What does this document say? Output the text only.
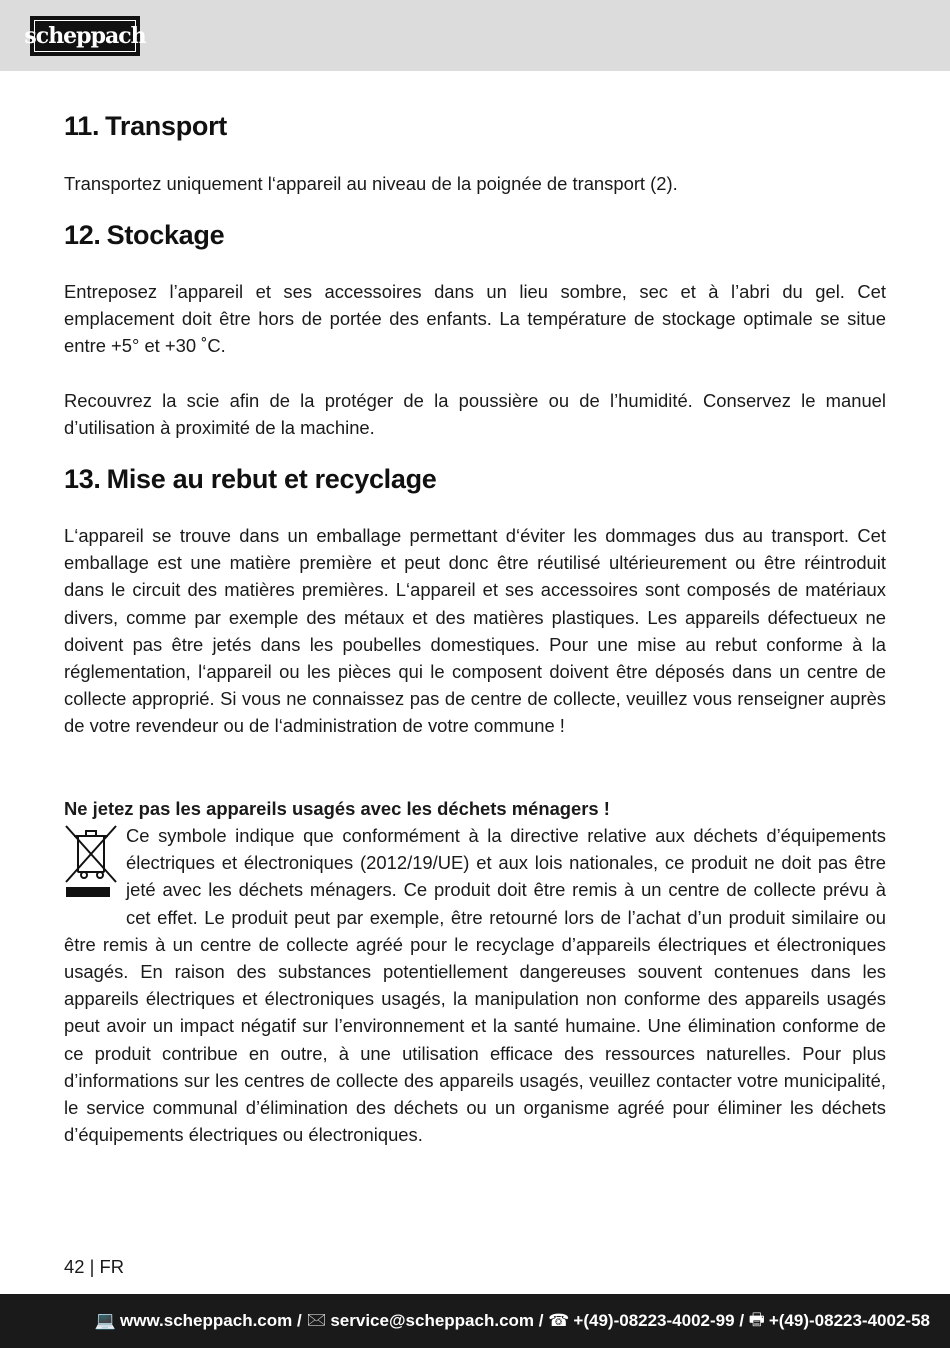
scheppach
11. Transport

Transportez uniquement l‘appareil au niveau de la poignée de transport (2).

12. Stockage

Entreposez l’appareil et ses accessoires dans un lieu sombre, sec et à l’abri du gel. Cet emplacement doit être hors de portée des enfants. La température de stockage optimale se situe entre +5° et +30 ˚C.

Recouvrez la scie afin de la protéger de la poussière ou de l’humidité. Conservez le manuel d’utilisation à proximité de la machine.

13. Mise au rebut et recyclage

L‘appareil se trouve dans un emballage permettant d‘éviter les dommages dus au transport. Cet emballage est une matière première et peut donc être réutilisé ultérieurement ou être réintroduit dans le circuit des matières premières. L‘appareil et ses accessoires sont composés de matériaux divers, comme par exemple des métaux et des matières plastiques. Les appareils défectueux ne doivent pas être jetés dans les poubelles domestiques. Pour une mise au rebut conforme à la réglementation, l‘appareil ou les pièces qui le composent doivent être déposés dans un centre de collecte approprié. Si vous ne connaissez pas de centre de collecte, veuillez vous renseigner auprès de votre revendeur ou de l‘administration de votre commune !

Ne jetez pas les appareils usagés avec les déchets ménagers !

Ce symbole indique que conformément à la directive relative aux déchets d’équipements électriques et électroniques (2012/19/UE) et aux lois nationales, ce produit ne doit pas être jeté avec les déchets ménagers. Ce produit doit être remis à un centre de collecte prévu à cet effet. Le produit peut par exemple, être retourné lors de l’achat d’un produit similaire ou être remis à un centre de collecte agréé pour le recyclage d’appareils électriques et électroniques usagés. En raison des substances potentiellement dangereuses souvent contenues dans les appareils électriques et électroniques usagés, la manipulation non conforme des appareils usagés peut avoir un impact négatif sur l’environnement et la santé humaine. Une élimination conforme de ce produit contribue en outre, à une utilisation efficace des ressources naturelles. Pour plus d’informations sur les centres de collecte des appareils usagés, veuillez contacter votre municipalité, le service communal d’élimination des déchets ou un organisme agréé pour éliminer les déchets d’équipements électriques ou électroniques.

42 | FR
💻 www.scheppach.com / 🖂 service@scheppach.com / ☎ +(49)-08223-4002-99 / 🖶 +(49)-08223-4002-58
